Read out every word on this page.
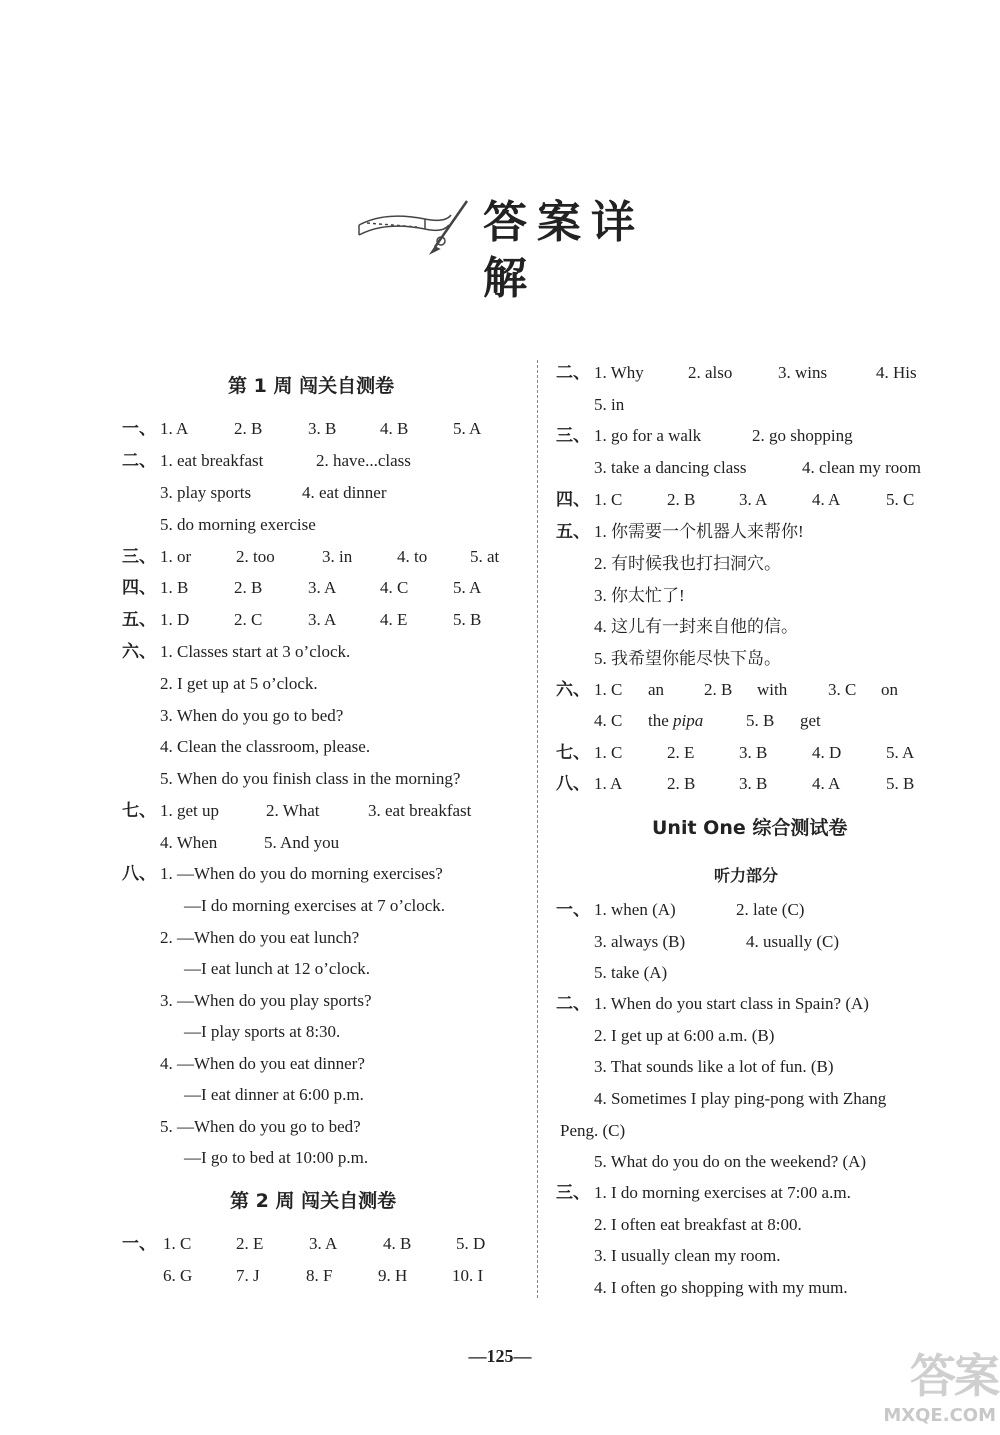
答案详解
第 1 周 闯关自测卷
一、 1. A	2. B	3. B	4. B	5. A
二、 1. eat breakfast	2. have...class
3. play sports	4. eat dinner
5. do morning exercise
三、 1. or	2. too	3. in	4. to	5. at
四、 1. B	2. B	3. A	4. C	5. A
五、 1. D	2. C	3. A	4. E	5. B
六、 1. Classes start at 3 o’clock.
2. I get up at 5 o’clock.
3. When do you go to bed?
4. Clean the classroom, please.
5. When do you finish class in the morning?
七、 1. get up	2. What	3. eat breakfast
4. When	5. And you
八、 1. —When do you do morning exercises?
—I do morning exercises at 7 o’clock.
2. —When do you eat lunch?
—I eat lunch at 12 o’clock.
3. —When do you play sports?
—I play sports at 8:30.
4. —When do you eat dinner?
—I eat dinner at 6:00 p.m.
5. —When do you go to bed?
—I go to bed at 10:00 p.m.
第 2 周 闯关自测卷
一、 1. C	2. E	3. A	4. B	5. D
6. G	7. J	8. F	9. H	10. I
二、 1. Why	2. also	3. wins	4. His
5. in
三、 1. go for a walk	2. go shopping
3. take a dancing class	4. clean my room
四、 1. C	2. B	3. A	4. A	5. C
五、 1. 你需要一个机器人来帮你!
2. 有时候我也打扫洞穴。
3. 你太忙了!
4. 这儿有一封来自他的信。
5. 我希望你能尽快下岛。
六、 1. C an 2. B with 3. C on
4. C the pipa	5. B get
七、 1. C	2. E	3. B	4. D	5. A
八、 1. A	2. B	3. B	4. A	5. B
Unit One 综合测试卷
听力部分
一、 1. when (A)	2. late (C)
3. always (B)	4. usually (C)
5. take (A)
二、 1. When do you start class in Spain? (A)
2. I get up at 6:00 a.m. (B)
3. That sounds like a lot of fun. (B)
4. Sometimes I play ping-pong with Zhang
Peng. (C)
5. What do you do on the weekend? (A)
三、 1. I do morning exercises at 7:00 a.m.
2. I often eat breakfast at 8:00.
3. I usually clean my room.
4. I often go shopping with my mum.
—125—	答案
MXQE.COM
